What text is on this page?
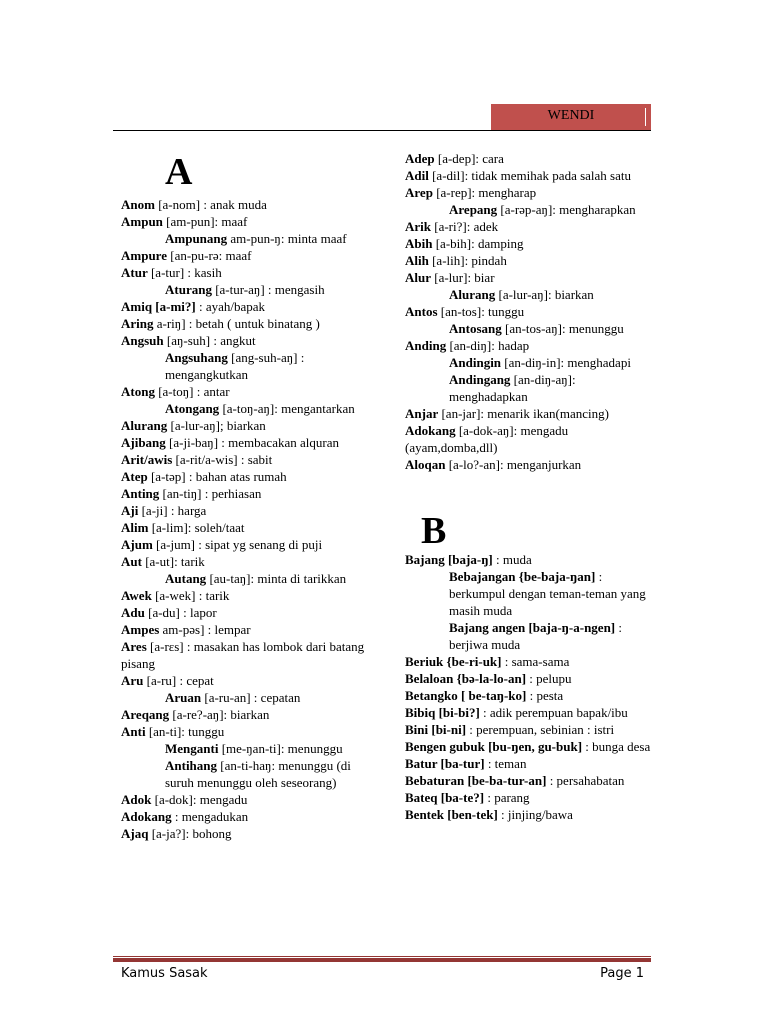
WENDI
A
Anom [a-nom] : anak muda
Ampun [am-pun]: maaf
Ampunang am-pun-ŋ: minta maaf
Ampure [an-pu-rə: maaf
Atur [a-tur] : kasih
Aturang [a-tur-aŋ] : mengasih
Amiq [a-mi?] : ayah/bapak
Aring a-riŋ] : betah ( untuk binatang )
Angsuh [aŋ-suh] : angkut
Angsuhang [ang-suh-aŋ] : mengangkutkan
Atong [a-toŋ] : antar
Atongang [a-toŋ-aŋ]: mengantarkan
Alurang [a-lur-aŋ]; biarkan
Ajibang [a-ji-baŋ] : membacakan alquran
Arit/awis [a-rit/a-wis] : sabit
Atep [a-təp] : bahan atas rumah
Anting [an-tiŋ] : perhiasan
Aji [a-ji] : harga
Alim [a-lim]: soleh/taat
Ajum [a-jum] : sipat yg senang di puji
Aut [a-ut]: tarik
Autang [au-taŋ]: minta di tarikkan
Awek [a-wek] : tarik
Adu [a-du] : lapor
Ampes am-pəs] : lempar
Ares [a-rɛs] : masakan has lombok dari batang pisang
Aru [a-ru] : cepat
Aruan [a-ru-an] : cepatan
Areqang [a-re?-aŋ]: biarkan
Anti [an-ti]: tunggu
Menganti [me-ŋan-ti]: menunggu
Antihang [an-ti-haŋ: menunggu (di suruh menunggu oleh seseorang)
Adok [a-dok]: mengadu
Adokang : mengadukan
Ajaq [a-ja?]: bohong
Adep [a-dep]: cara
Adil [a-dil]: tidak memihak pada salah satu
Arep [a-rep]: mengharap
Arepang [a-rəp-aŋ]: mengharapkan
Arik [a-ri?]: adek
Abih [a-bih]: damping
Alih [a-lih]: pindah
Alur [a-lur]: biar
Alurang [a-lur-aŋ]: biarkan
Antos [an-tos]: tunggu
Antosang [an-tos-aŋ]: menunggu
Anding [an-diŋ]: hadap
Andingin [an-diŋ-in]: menghadapi
Andingang [an-diŋ-aŋ]: menghadapkan
Anjar [an-jar]: menarik ikan(mancing)
Adokang [a-dok-aŋ]: mengadu (ayam,domba,dll)
Aloqan [a-lo?-an]: menganjurkan
B
Bajang [baja-ŋ] : muda
Bebajangan {be-baja-ŋan] : berkumpul dengan teman-teman yang masih muda
Bajang angen [baja-ŋ-a-ngen] : berjiwa muda
Beriuk {be-ri-uk] : sama-sama
Belaloan {bə-la-lo-an] : pelupu
Betangko [ be-taŋ-ko] : pesta
Bibiq [bi-bi?] : adik perempuan bapak/ibu
Bini [bi-ni] : perempuan, sebinian : istri
Bengen gubuk [bu-ŋen, gu-buk] : bunga desa
Batur [ba-tur] : teman
Bebaturan [be-ba-tur-an] : persahabatan
Bateq [ba-te?] : parang
Bentek [ben-tek] : jinjing/bawa
Kamus Sasak	Page 1
